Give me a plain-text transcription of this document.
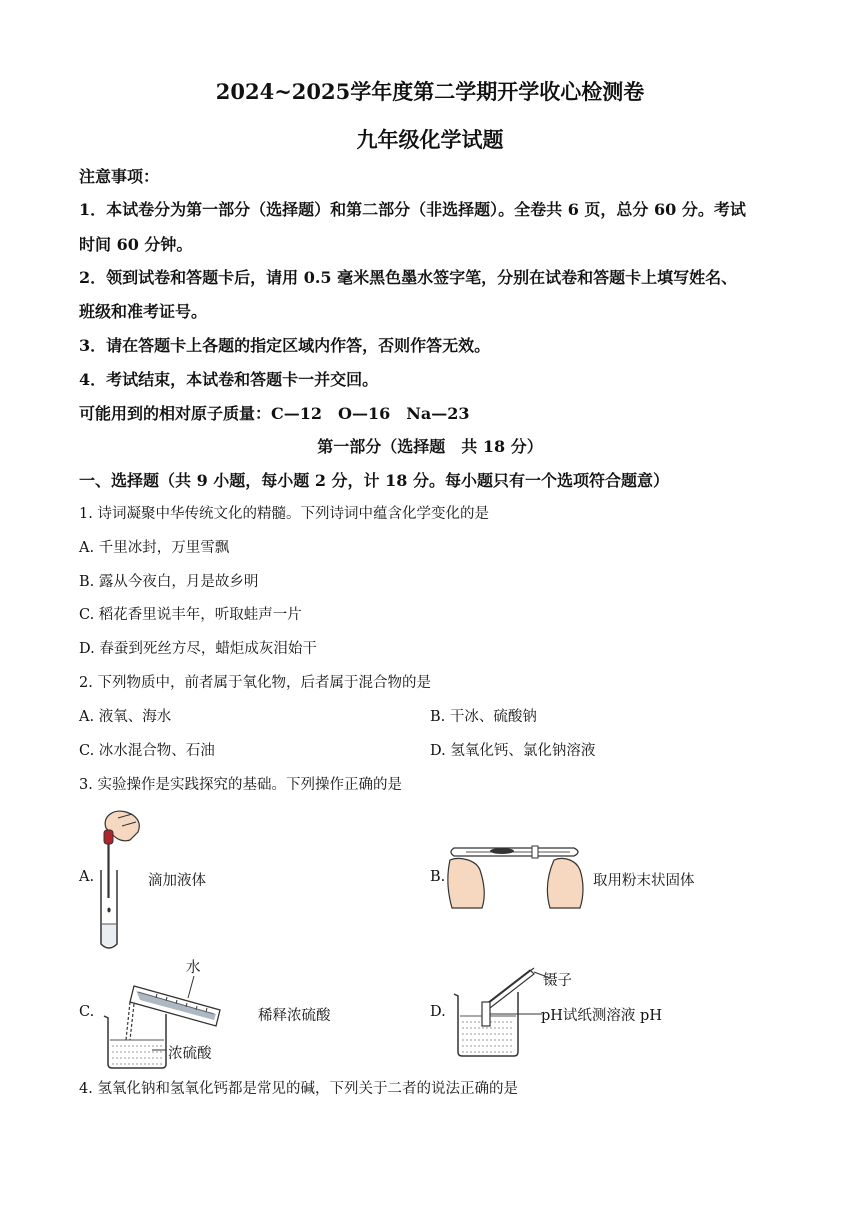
2024~2025学年度第二学期开学收心检测卷
九年级化学试题
注意事项：
1．本试卷分为第一部分（选择题）和第二部分（非选择题）。全卷共 6 页，总分 60 分。考试
时间 60 分钟。
2．领到试卷和答题卡后，请用 0.5 毫米黑色墨水签字笔，分别在试卷和答题卡上填写姓名、
班级和准考证号。
3．请在答题卡上各题的指定区域内作答，否则作答无效。
4．考试结束，本试卷和答题卡一并交回。
可能用到的相对原子质量：C—12　O—16　Na—23
第一部分（选择题　共 18 分）
一、选择题（共 9 小题，每小题 2 分，计 18 分。每小题只有一个选项符合题意）
1. 诗词凝聚中华传统文化的精髓。下列诗词中蕴含化学变化的是
A. 千里冰封，万里雪飘
B. 露从今夜白，月是故乡明
C. 稻花香里说丰年，听取蛙声一片
D. 春蚕到死丝方尽，蜡炬成灰泪始干
2. 下列物质中，前者属于氧化物，后者属于混合物的是
A. 液氧、海水	B. 干冰、硫酸钠
C. 冰水混合物、石油	D. 氢氧化钙、氯化钠溶液
3. 实验操作是实践探究的基础。下列操作正确的是
A.	滴加液体	B.	取用粉末状固体
C.
水
稀释浓硫酸
浓硫酸
D.
镊子
pH试纸测溶液 pH
4. 氢氧化钠和氢氧化钙都是常见的碱，下列关于二者的说法正确的是
